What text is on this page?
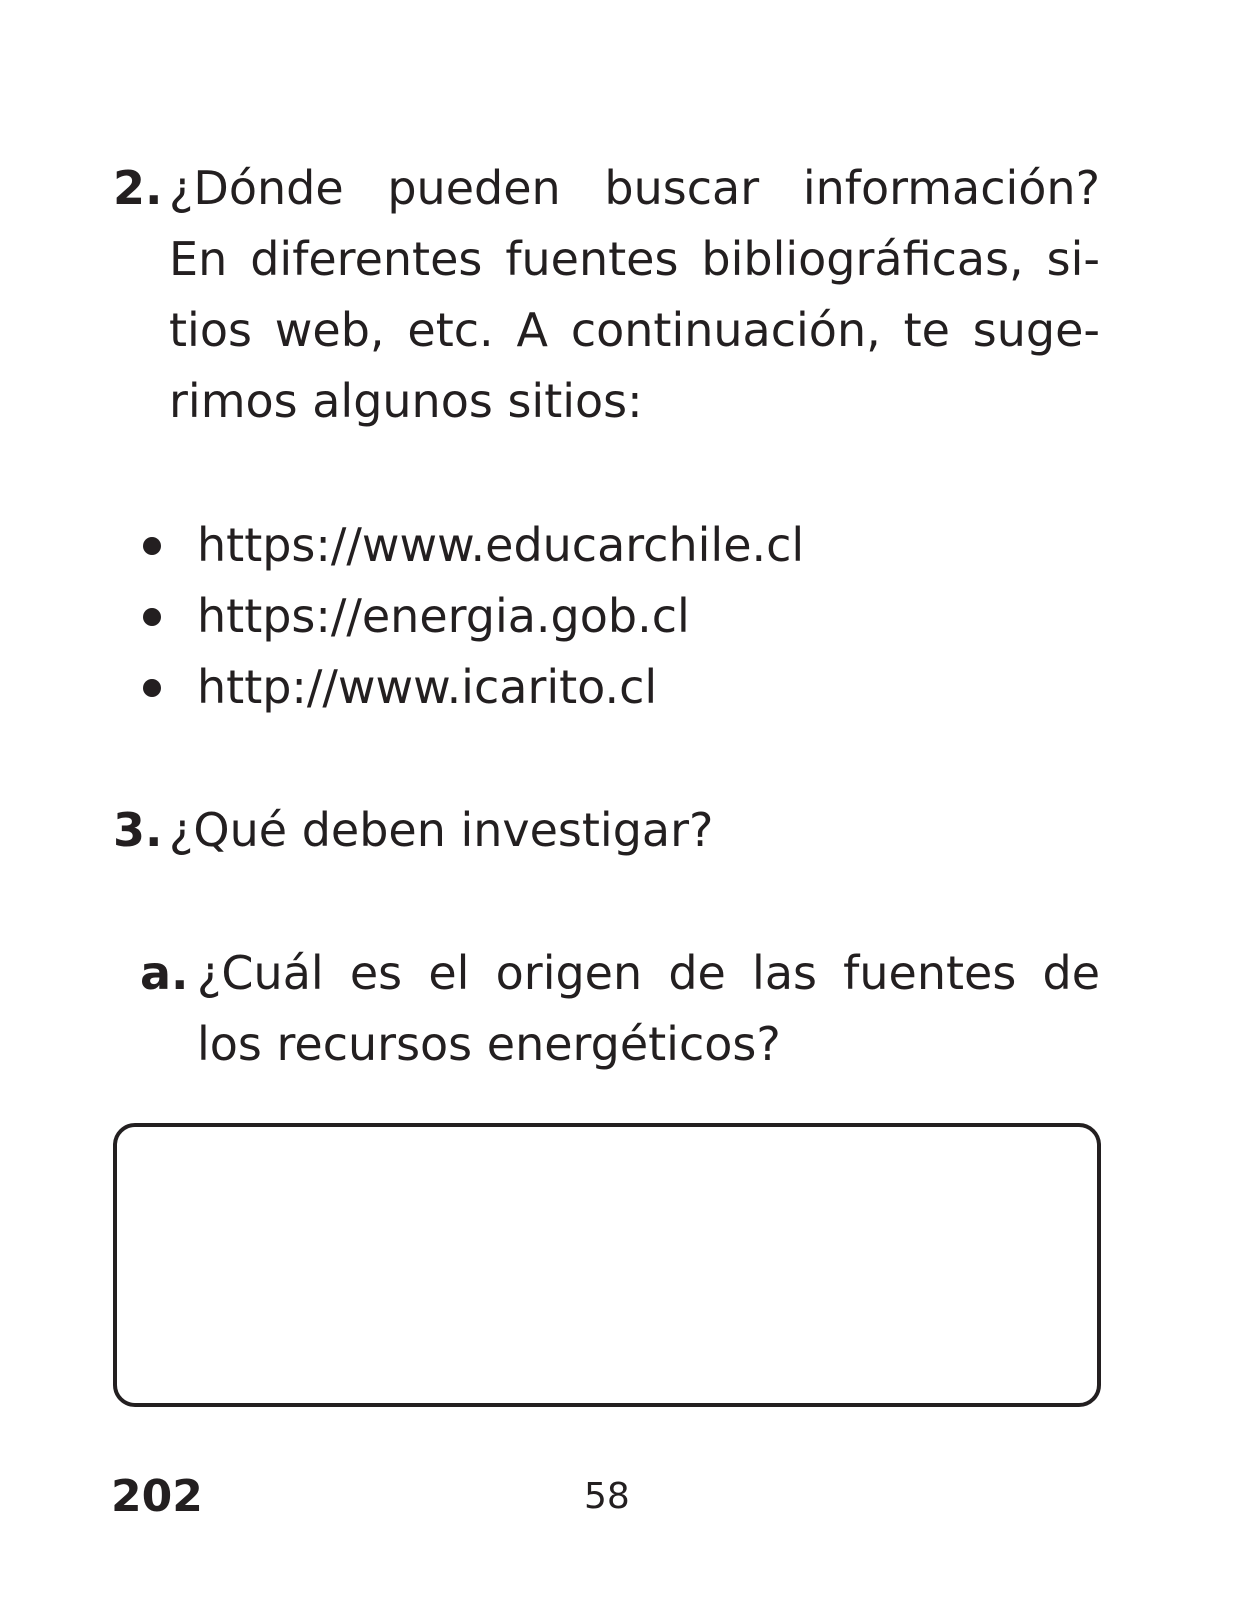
2. ¿Dónde pueden buscar información?
En diferentes fuentes bibliográficas, si-
tios web, etc. A continuación, te suge-
rimos algunos sitios:
https://www.educarchile.cl
https://energia.gob.cl
http://www.icarito.cl
3. ¿Qué deben investigar?
a. ¿Cuál es el origen de las fuentes de
los recursos energéticos?
202	58
